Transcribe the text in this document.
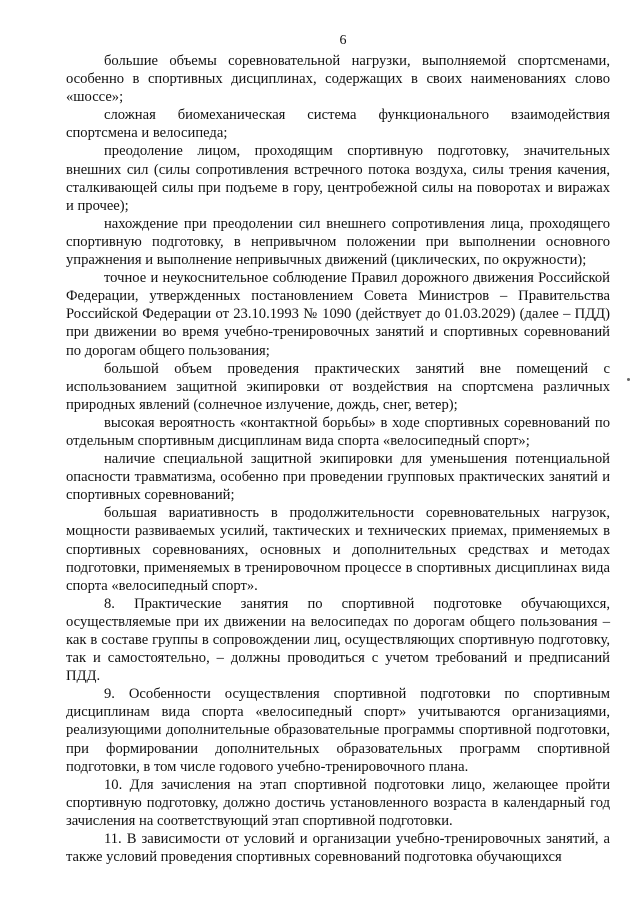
6

большие объемы соревновательной нагрузки, выполняемой спортсменами, особенно в спортивных дисциплинах, содержащих в своих наименованиях слово «шоссе»;

сложная биомеханическая система функционального взаимодействия спортсмена и велосипеда;

преодоление лицом, проходящим спортивную подготовку, значительных внешних сил (силы сопротивления встречного потока воздуха, силы трения качения, сталкивающей силы при подъеме в гору, центробежной силы на поворотах и виражах и прочее);

нахождение при преодолении сил внешнего сопротивления лица, проходящего спортивную подготовку, в непривычном положении при выполнении основного упражнения и выполнение непривычных движений (циклических, по окружности);

точное и неукоснительное соблюдение Правил дорожного движения Российской Федерации, утвержденных постановлением Совета Министров – Правительства Российской Федерации от 23.10.1993 № 1090 (действует до 01.03.2029) (далее – ПДД) при движении во время учебно-тренировочных занятий и спортивных соревнований по дорогам общего пользования;

большой объем проведения практических занятий вне помещений с использованием защитной экипировки от воздействия на спортсмена различных природных явлений (солнечное излучение, дождь, снег, ветер);

высокая вероятность «контактной борьбы» в ходе спортивных соревнований по отдельным спортивным дисциплинам вида спорта «велосипедный спорт»;

наличие специальной защитной экипировки для уменьшения потенциальной опасности травматизма, особенно при проведении групповых практических занятий и спортивных соревнований;

большая вариативность в продолжительности соревновательных нагрузок, мощности развиваемых усилий, тактических и технических приемах, применяемых в спортивных соревнованиях, основных и дополнительных средствах и методах подготовки, применяемых в тренировочном процессе в спортивных дисциплинах вида спорта «велосипедный спорт».

8. Практические занятия по спортивной подготовке обучающихся, осуществляемые при их движении на велосипедах по дорогам общего пользования – как в составе группы в сопровождении лиц, осуществляющих спортивную подготовку, так и самостоятельно, – должны проводиться с учетом требований и предписаний ПДД.

9. Особенности осуществления спортивной подготовки по спортивным дисциплинам вида спорта «велосипедный спорт» учитываются организациями, реализующими дополнительные образовательные программы спортивной подготовки, при формировании дополнительных образовательных программ спортивной подготовки, в том числе годового учебно-тренировочного плана.

10. Для зачисления на этап спортивной подготовки лицо, желающее пройти спортивную подготовку, должно достичь установленного возраста в календарный год зачисления на соответствующий этап спортивной подготовки.

11. В зависимости от условий и организации учебно-тренировочных занятий, а также условий проведения спортивных соревнований подготовка обучающихся
